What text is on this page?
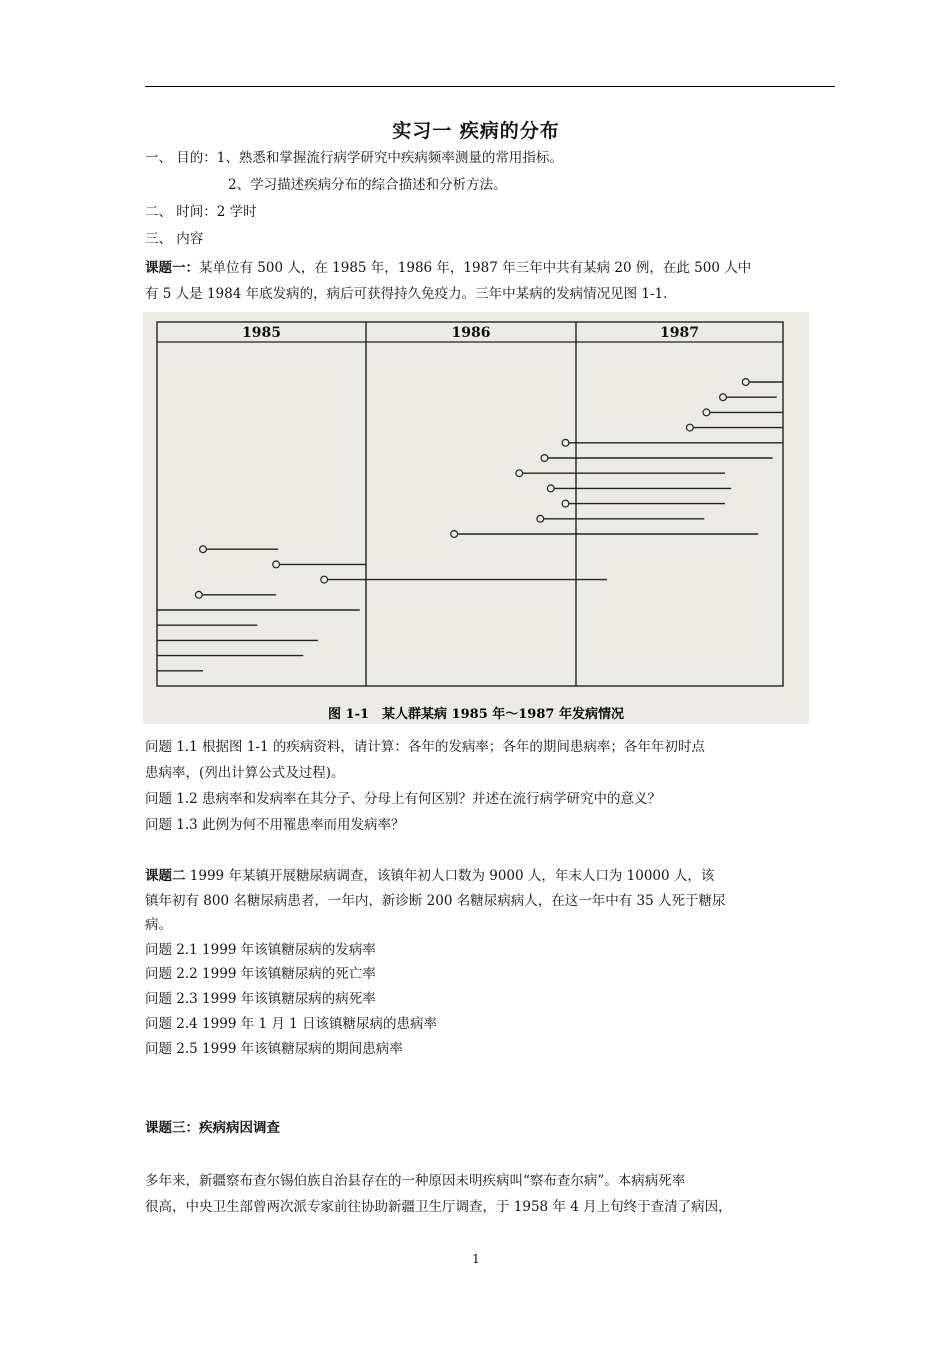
实习一 疾病的分布
一、 目的：1、熟悉和掌握流行病学研究中疾病频率测量的常用指标。
2、学习描述疾病分布的综合描述和分析方法。
二、 时间：2 学时
三、 内容
课题一：某单位有 500 人，在 1985 年，1986 年，1987 年三年中共有某病 20 例，在此 500 人中
有 5 人是 1984 年底发病的，病后可获得持久免疫力。三年中某病的发病情况见图 1-1.
1985	1986	1987
图 1-1　某人群某病 1985 年～1987 年发病情况
问题 1.1 根据图 1-1 的疾病资料，请计算：各年的发病率；各年的期间患病率；各年年初时点
患病率，(列出计算公式及过程)。
问题 1.2 患病率和发病率在其分子、分母上有何区别？并述在流行病学研究中的意义？
问题 1.3 此例为何不用罹患率而用发病率？
课题二 1999 年某镇开展糖尿病调查，该镇年初人口数为 9000 人，年末人口为 10000 人，该
镇年初有 800 名糖尿病患者，一年内，新诊断 200 名糖尿病病人，在这一年中有 35 人死于糖尿
病。
问题 2.1 1999 年该镇糖尿病的发病率
问题 2.2 1999 年该镇糖尿病的死亡率
问题 2.3 1999 年该镇糖尿病的病死率
问题 2.4 1999 年 1 月 1 日该镇糖尿病的患病率
问题 2.5 1999 年该镇糖尿病的期间患病率
课题三：疾病病因调查
多年来，新疆察布查尔锡伯族自治县存在的一种原因未明疾病叫“察布查尔病”。本病病死率
很高，中央卫生部曾两次派专家前往协助新疆卫生厅调查，于 1958 年 4 月上旬终于查清了病因，
1
